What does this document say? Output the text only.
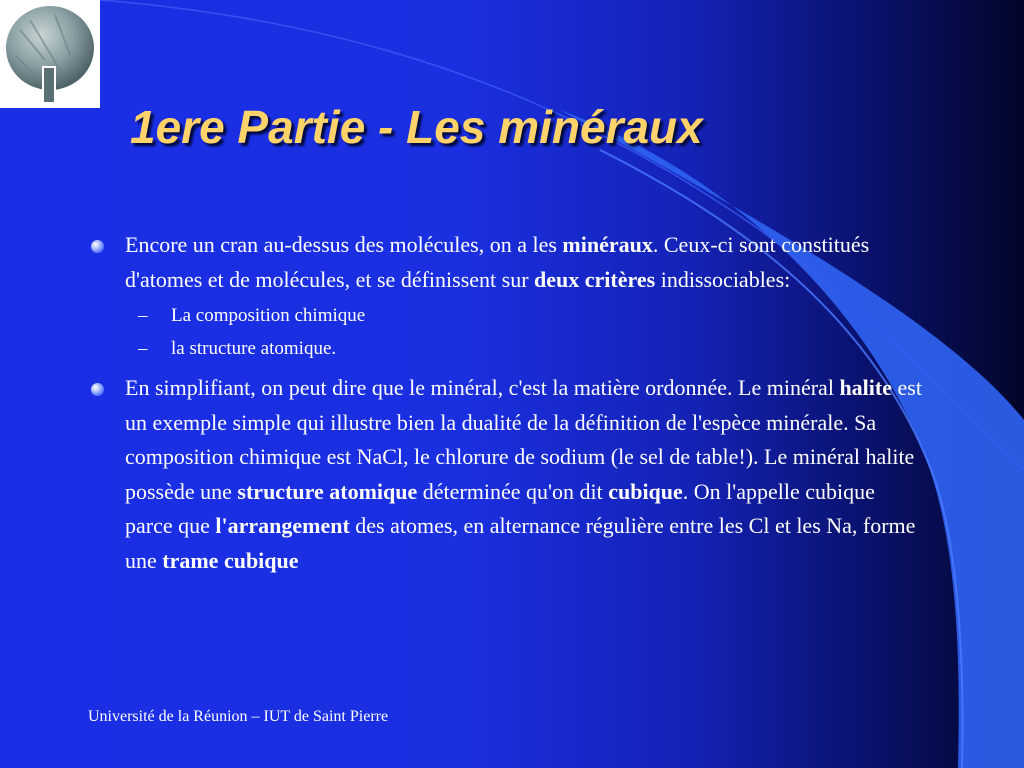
1ere Partie - Les minéraux
Encore un cran au-dessus des molécules, on a les minéraux. Ceux-ci sont constitués d'atomes et de molécules, et se définissent sur deux critères indissociables:
– La composition chimique
– la structure atomique.
En simplifiant, on peut dire que le minéral, c'est la matière ordonnée. Le minéral halite est un exemple simple qui illustre bien la dualité de la définition de l'espèce minérale. Sa composition chimique est NaCl, le chlorure de sodium (le sel de table!). Le minéral halite possède une structure atomique déterminée qu'on dit cubique. On l'appelle cubique parce que l'arrangement des atomes, en alternance régulière entre les Cl et les Na, forme une trame cubique
Université de la Réunion – IUT de Saint Pierre
